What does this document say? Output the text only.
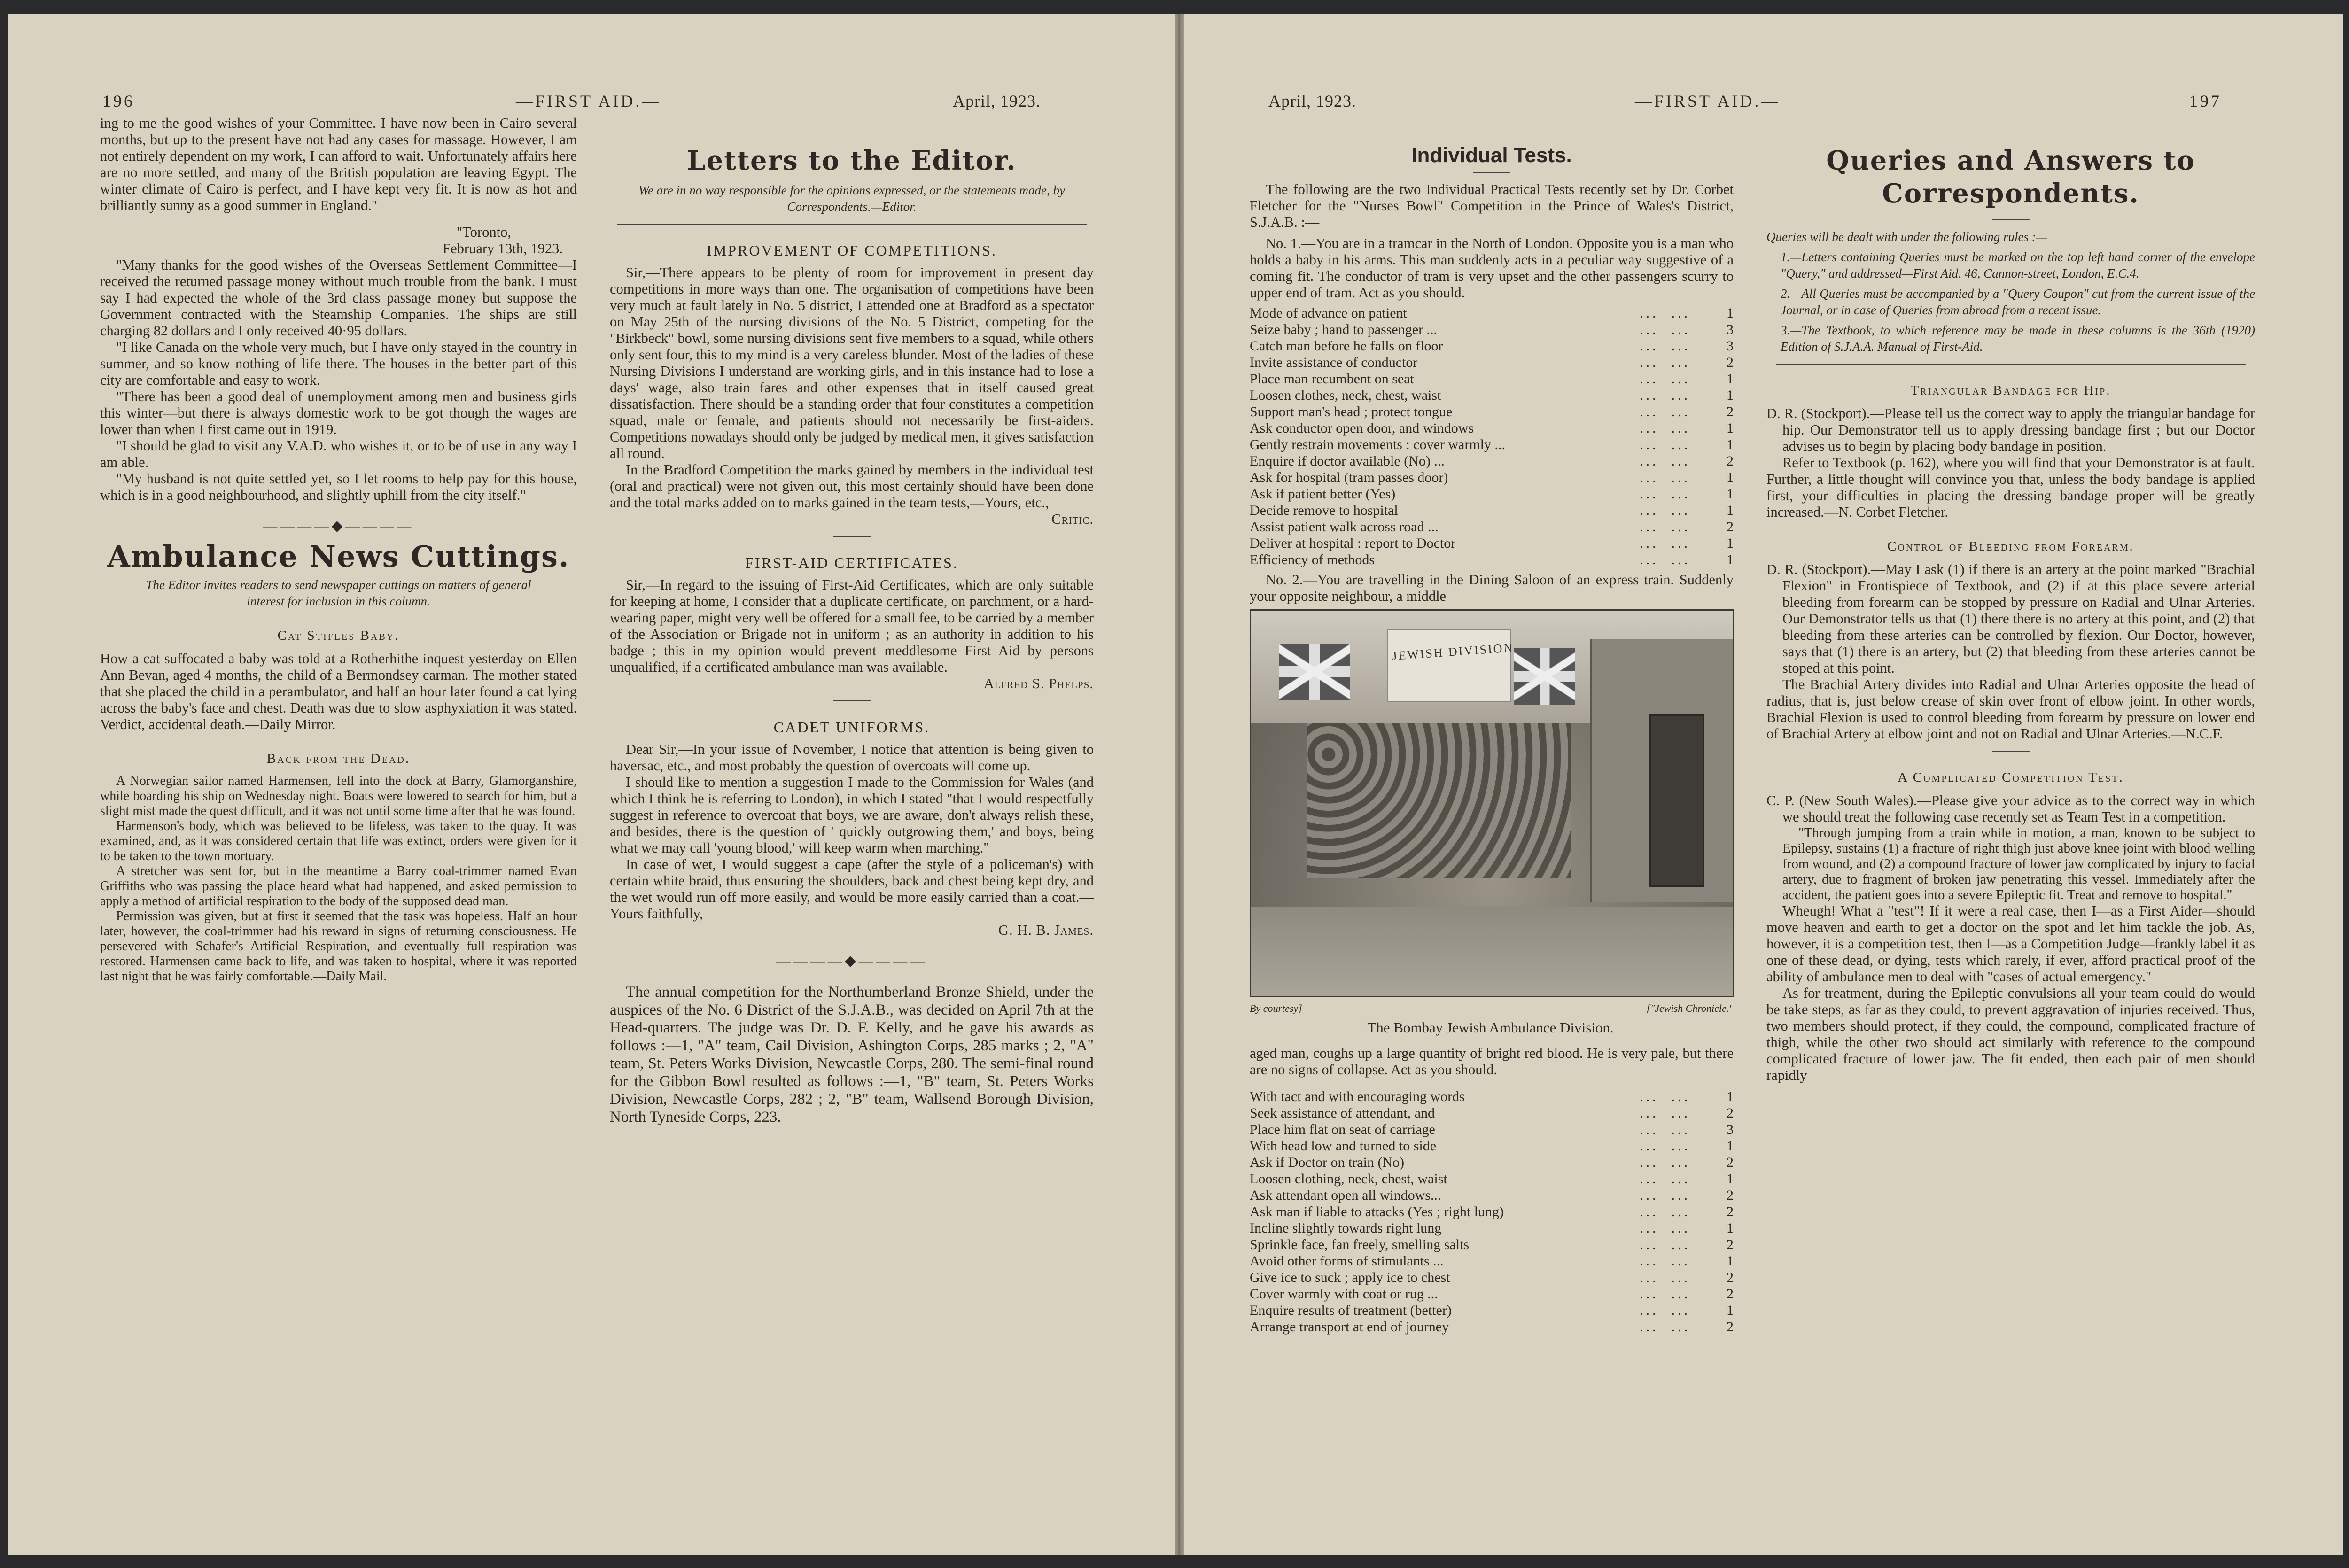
196	—FIRST AID.—	April, 1923.

ing to me the good wishes of your Committee. I have now been in Cairo several months, but up to the present have not had any cases for massage. However, I am not entirely dependent on my work, I can afford to wait. Unfortunately affairs here are no more settled, and many of the British population are leaving Egypt. The winter climate of Cairo is perfect, and I have kept very fit. It is now as hot and brilliantly sunny as a good summer in England."

"Toronto,

February 13th, 1923.

"Many thanks for the good wishes of the Overseas Settlement Committee—I received the returned passage money without much trouble from the bank. I must say I had expected the whole of the 3rd class passage money but suppose the Government contracted with the Steamship Companies. The ships are still charging 82 dollars and I only received 40·95 dollars.

"I like Canada on the whole very much, but I have only stayed in the country in summer, and so know nothing of life there. The houses in the better part of this city are comfortable and easy to work.

"There has been a good deal of unemployment among men and business girls this winter—but there is always domestic work to be got though the wages are lower than when I first came out in 1919.

"I should be glad to visit any V.A.D. who wishes it, or to be of use in any way I am able.

"My husband is not quite settled yet, so I let rooms to help pay for this house, which is in a good neighbourhood, and slightly uphill from the city itself."

————◆————
Ambulance News Cuttings.

The Editor invites readers to send newspaper cuttings on matters of general interest for inclusion in this column.

Cat Stifles Baby.

How a cat suffocated a baby was told at a Rotherhithe inquest yesterday on Ellen Ann Bevan, aged 4 months, the child of a Bermondsey carman. The mother stated that she placed the child in a perambulator, and half an hour later found a cat lying across the baby's face and chest. Death was due to slow asphyxiation it was stated. Verdict, accidental death.—Daily Mirror.

Back from the Dead.

A Norwegian sailor named Harmensen, fell into the dock at Barry, Glamorganshire, while boarding his ship on Wednesday night. Boats were lowered to search for him, but a slight mist made the quest difficult, and it was not until some time after that he was found.

Harmenson's body, which was believed to be lifeless, was taken to the quay. It was examined, and, as it was considered certain that life was extinct, orders were given for it to be taken to the town mortuary.

A stretcher was sent for, but in the meantime a Barry coal-trimmer named Evan Griffiths who was passing the place heard what had happened, and asked permission to apply a method of artificial respiration to the body of the supposed dead man.

Permission was given, but at first it seemed that the task was hopeless. Half an hour later, however, the coal-trimmer had his reward in signs of returning consciousness. He persevered with Schafer's Artificial Respiration, and eventually full respiration was restored. Harmensen came back to life, and was taken to hospital, where it was reported last night that he was fairly comfortable.—Daily Mail.

Letters to the Editor.

We are in no way responsible for the opinions expressed, or the statements made, by Correspondents.—Editor.

IMPROVEMENT OF COMPETITIONS.

Sir,—There appears to be plenty of room for improvement in present day competitions in more ways than one. The organisation of competitions have been very much at fault lately in No. 5 district, I attended one at Bradford as a spectator on May 25th of the nursing divisions of the No. 5 District, competing for the "Birkbeck" bowl, some nursing divisions sent five members to a squad, while others only sent four, this to my mind is a very careless blunder. Most of the ladies of these Nursing Divisions I understand are working girls, and in this instance had to lose a days' wage, also train fares and other expenses that in itself caused great dissatisfaction. There should be a standing order that four constitutes a competition squad, male or female, and patients should not necessarily be first-aiders. Competitions nowadays should only be judged by medical men, it gives satisfaction all round.

In the Bradford Competition the marks gained by members in the individual test (oral and practical) were not given out, this most certainly should have been done and the total marks added on to marks gained in the team tests,—Yours, etc.,

Critic.

FIRST-AID CERTIFICATES.

Sir,—In regard to the issuing of First-Aid Certificates, which are only suitable for keeping at home, I consider that a duplicate certificate, on parchment, or a hard-wearing paper, might very well be offered for a small fee, to be carried by a member of the Association or Brigade not in uniform ; as an authority in addition to his badge ; this in my opinion would prevent meddlesome First Aid by persons unqualified, if a certificated ambulance man was available.

Alfred S. Phelps.

CADET UNIFORMS.

Dear Sir,—In your issue of November, I notice that attention is being given to haversac, etc., and most probably the question of overcoats will come up.

I should like to mention a suggestion I made to the Commission for Wales (and which I think he is referring to London), in which I stated "that I would respectfully suggest in reference to overcoat that boys, we are aware, don't always relish these, and besides, there is the question of ' quickly outgrowing them,' and boys, being what we may call 'young blood,' will keep warm when marching."

In case of wet, I would suggest a cape (after the style of a policeman's) with certain white braid, thus ensuring the shoulders, back and chest being kept dry, and the wet would run off more easily, and would be more easily carried than a coat.—Yours faithfully,

G. H. B. James.

————◆————

The annual competition for the Northumberland Bronze Shield, under the auspices of the No. 6 District of the S.J.A.B., was decided on April 7th at the Head-quarters. The judge was Dr. D. F. Kelly, and he gave his awards as follows :—1, "A" team, Cail Division, Ashington Corps, 285 marks ; 2, "A" team, St. Peters Works Division, Newcastle Corps, 280. The semi-final round for the Gibbon Bowl resulted as follows :—1, "B" team, St. Peters Works Division, Newcastle Corps, 282 ; 2, "B" team, Wallsend Borough Division, North Tyneside Corps, 223.

April, 1923.	—FIRST AID.—	197
Individual Tests.

The following are the two Individual Practical Tests recently set by Dr. Corbet Fletcher for the "Nurses Bowl" Competition in the Prince of Wales's District, S.J.A.B. :—

No. 1.—You are in a tramcar in the North of London. Opposite you is a man who holds a baby in his arms. This man suddenly acts in a peculiar way suggestive of a coming fit. The conductor of tram is very upset and the other passengers scurry to upper end of tram. Act as you should.

Mode of advance on patient	...  ...	1
Seize baby ; hand to passenger ...	...  ...	3
Catch man before he falls on floor	...  ...	3
Invite assistance of conductor	...  ...	2
Place man recumbent on seat	...  ...	1
Loosen clothes, neck, chest, waist	...  ...	1
Support man's head ; protect tongue	...  ...	2
Ask conductor open door, and windows	...  ...	1
Gently restrain movements : cover warmly ...	...  ...	1
Enquire if doctor available (No) ...	...  ...	2
Ask for hospital (tram passes door)	...  ...	1
Ask if patient better (Yes)	...  ...	1
Decide remove to hospital	...  ...	1
Assist patient walk across road ...	...  ...	2
Deliver at hospital : report to Doctor	...  ...	1
Efficiency of methods	...  ...	1

No. 2.—You are travelling in the Dining Saloon of an express train. Suddenly your opposite neighbour, a middle

JEWISH DIVISION
By courtesy]	["Jewish Chronicle.'
The Bombay Jewish Ambulance Division.

aged man, coughs up a large quantity of bright red blood. He is very pale, but there are no signs of collapse. Act as you should.

With tact and with encouraging words	...  ...	1
Seek assistance of attendant, and	...  ...	2
Place him flat on seat of carriage	...  ...	3
With head low and turned to side	...  ...	1
Ask if Doctor on train (No)	...  ...	2
Loosen clothing, neck, chest, waist	...  ...	1
Ask attendant open all windows...	...  ...	2
Ask man if liable to attacks (Yes ; right lung)	...  ...	2
Incline slightly towards right lung	...  ...	1
Sprinkle face, fan freely, smelling salts	...  ...	2
Avoid other forms of stimulants ...	...  ...	1
Give ice to suck ; apply ice to chest	...  ...	2
Cover warmly with coat or rug ...	...  ...	2
Enquire results of treatment (better)	...  ...	1
Arrange transport at end of journey	...  ...	2
Queries and Answers to
Correspondents.

Queries will be dealt with under the following rules :—

1.—Letters containing Queries must be marked on the top left hand corner of the envelope "Query," and addressed—First Aid, 46, Cannon-street, London, E.C.4.

2.—All Queries must be accompanied by a "Query Coupon" cut from the current issue of the Journal, or in case of Queries from abroad from a recent issue.

3.—The Textbook, to which reference may be made in these columns is the 36th (1920) Edition of S.J.A.A. Manual of First-Aid.

Triangular Bandage for Hip.

D. R. (Stockport).—Please tell us the correct way to apply the triangular bandage for hip. Our Demonstrator tell us to apply dressing bandage first ; but our Doctor advises us to begin by placing body bandage in position.

Refer to Textbook (p. 162), where you will find that your Demonstrator is at fault. Further, a little thought will convince you that, unless the body bandage is applied first, your difficulties in placing the dressing bandage proper will be greatly increased.—N. Corbet Fletcher.

Control of Bleeding from Forearm.

D. R. (Stockport).—May I ask (1) if there is an artery at the point marked "Brachial Flexion" in Frontispiece of Textbook, and (2) if at this place severe arterial bleeding from forearm can be stopped by pressure on Radial and Ulnar Arteries. Our Demonstrator tells us that (1) there there is no artery at this point, and (2) that bleeding from these arteries can be controlled by flexion. Our Doctor, however, says that (1) there is an artery, but (2) that bleeding from these arteries cannot be stoped at this point.

The Brachial Artery divides into Radial and Ulnar Arteries opposite the head of radius, that is, just below crease of skin over front of elbow joint. In other words, Brachial Flexion is used to control bleeding from forearm by pressure on lower end of Brachial Artery at elbow joint and not on Radial and Ulnar Arteries.—N.C.F.

A Complicated Competition Test.

C. P. (New South Wales).—Please give your advice as to the correct way in which we should treat the following case recently set as Team Test in a competition.

"Through jumping from a train while in motion, a man, known to be subject to Epilepsy, sustains (1) a fracture of right thigh just above knee joint with blood welling from wound, and (2) a compound fracture of lower jaw complicated by injury to facial artery, due to fragment of broken jaw penetrating this vessel. Immediately after the accident, the patient goes into a severe Epileptic fit. Treat and remove to hospital."

Wheugh! What a "test"! If it were a real case, then I—as a First Aider—should move heaven and earth to get a doctor on the spot and let him tackle the job. As, however, it is a competition test, then I—as a Competition Judge—frankly label it as one of these dead, or dying, tests which rarely, if ever, afford practical proof of the ability of ambulance men to deal with "cases of actual emergency."

As for treatment, during the Epileptic convulsions all your team could do would be take steps, as far as they could, to prevent aggravation of injuries received. Thus, two members should protect, if they could, the compound, complicated fracture of thigh, while the other two should act similarly with reference to the compound complicated fracture of lower jaw. The fit ended, then each pair of men should rapidly
